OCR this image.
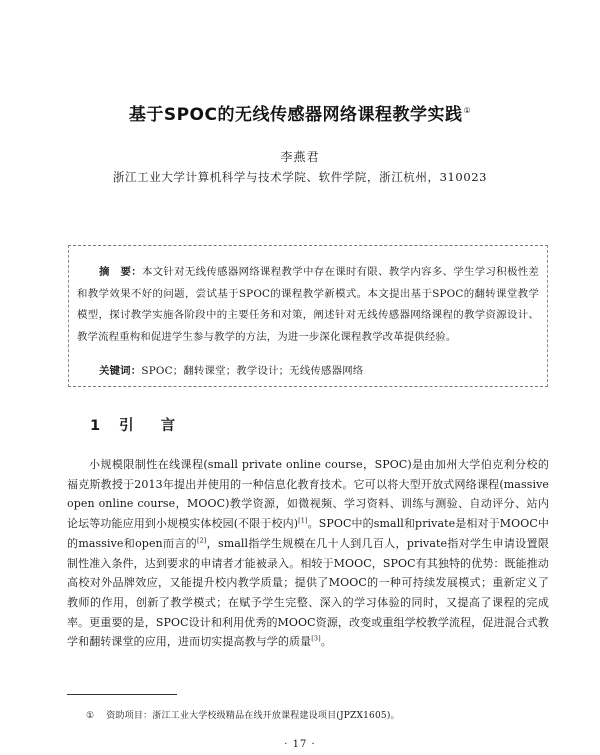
基于SPOC的无线传感器网络课程教学实践①
李燕君
浙江工业大学计算机科学与技术学院、软件学院，浙江杭州，310023
摘　要：本文针对无线传感器网络课程教学中存在课时有限、教学内容多、学生学习积极性差和教学效果不好的问题，尝试基于SPOC的课程教学新模式。本文提出基于SPOC的翻转课堂教学模型，探讨教学实施各阶段中的主要任务和对策，阐述针对无线传感器网络课程的教学资源设计、教学流程重构和促进学生参与教学的方法，为进一步深化课程教学改革提供经验。
关键词：SPOC；翻转课堂；教学设计；无线传感器网络
1 引 言
小规模限制性在线课程(small private online course，SPOC)是由加州大学伯克利分校的福克斯教授于2013年提出并使用的一种信息化教育技术。它可以将大型开放式网络课程(massive open online course，MOOC)教学资源，如微视频、学习资料、训练与测验、自动评分、站内论坛等功能应用到小规模实体校园(不限于校内)[1]。SPOC中的small和private是相对于MOOC中的massive和open而言的[2]，small指学生规模在几十人到几百人，private指对学生申请设置限制性准入条件，达到要求的申请者才能被录入。相较于MOOC，SPOC有其独特的优势：既能推动高校对外品牌效应，又能提升校内教学质量；提供了MOOC的一种可持续发展模式；重新定义了教师的作用，创新了教学模式；在赋予学生完整、深入的学习体验的同时，又提高了课程的完成率。更重要的是，SPOC设计和利用优秀的MOOC资源，改变或重组学校教学流程，促进混合式教学和翻转课堂的应用，进而切实提高教与学的质量[3]。
① 资助项目：浙江工业大学校级精品在线开放课程建设项目(JPZX1605)。
· 17 ·
